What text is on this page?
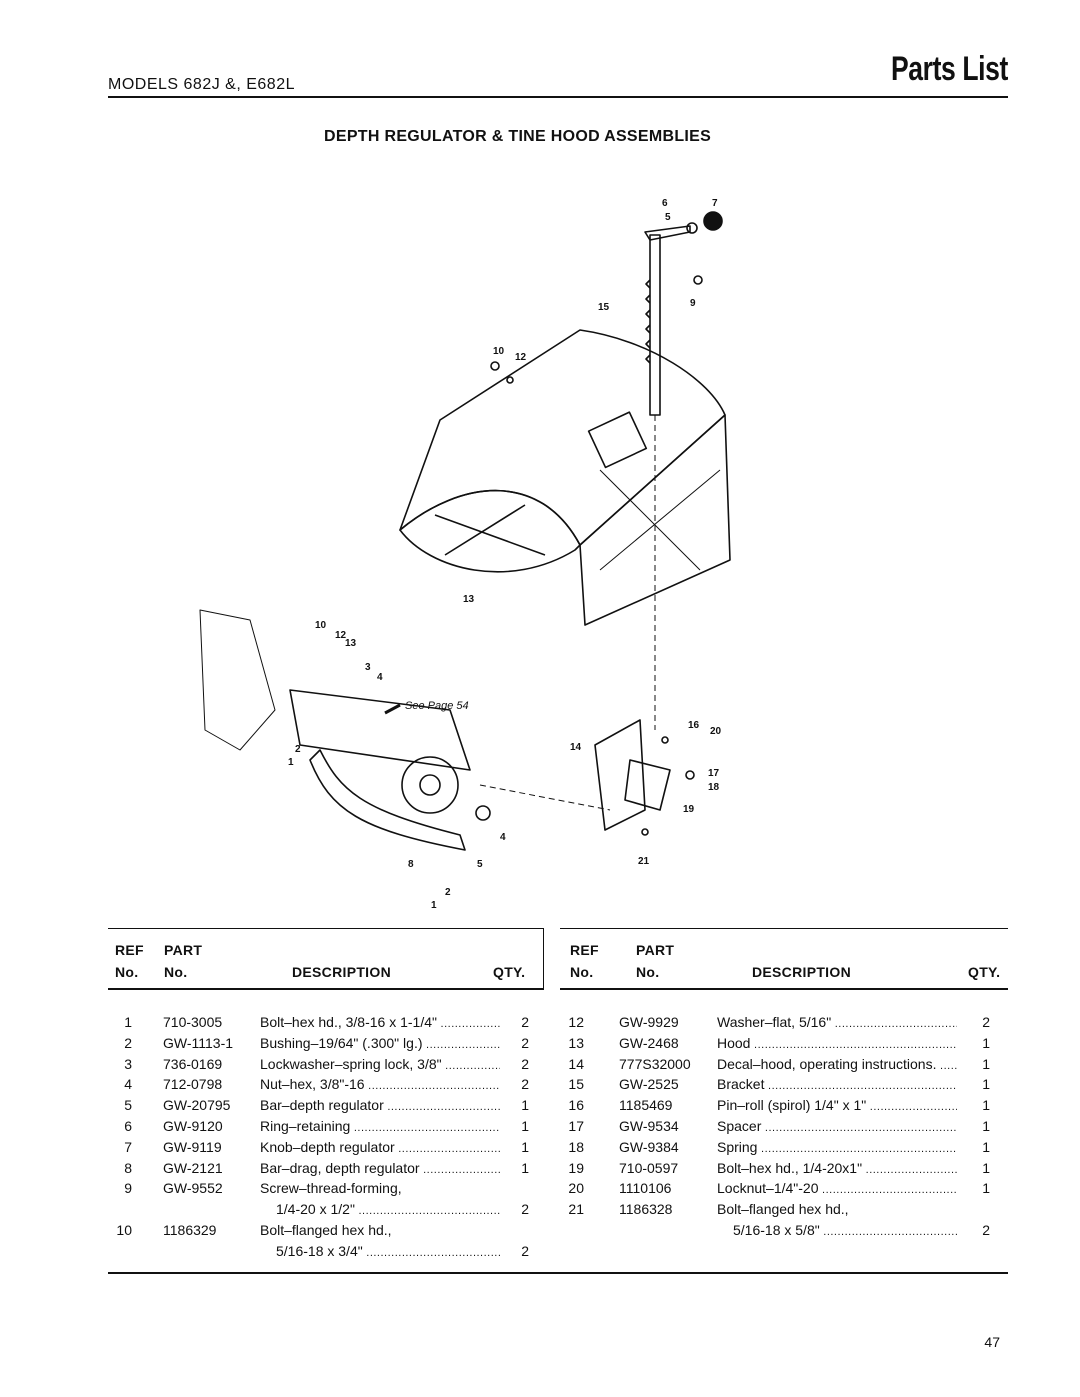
MODELS 682J &, E682L	Parts List
DEPTH REGULATOR & TINE HOOD ASSEMBLIES
6	7
5
15	9
10
12
13
10
12
13
3
4
2
1
16
20
14
17
18
19
4
8	5	21
2
1
See Page 54
REF
No.
PART
No.	DESCRIPTION	QTY.
REF
No.
PART
No.	DESCRIPTION	QTY.
1 710-3005	Bolt–hex hd., 3/8-16 x 1-1/4" .....	2
2 GW-1113-1 Bushing–19/64" (.300" lg.) .....	2
3 736-0169	Lockwasher–spring lock, 3/8" .....	2
4 712-0798	Nut–hex, 3/8"-16 .....	2
5 GW-20795 Bar–depth regulator .....	1
6 GW-9120	Ring–retaining .....	1
7 GW-9119	Knob–depth regulator .....	1
8 GW-2121	Bar–drag, depth regulator .....	1
9 GW-9552	Screw–thread-forming,
1/4-20 x 1/2" .....	2
10 1186329	Bolt–flanged hex hd.,
5/16-18 x 3/4" .....	2
12	GW-9929	Washer–flat, 5/16" .....	2
13	GW-2468	Hood .....	1
14	777S32000 Decal–hood, operating instructions. .....	1
15	GW-2525	Bracket .....	1
16	1185469	Pin–roll (spirol) 1/4" x 1" .....	1
17	GW-9534	Spacer .....	1
18	GW-9384	Spring .....	1
19	710-0597	Bolt–hex hd., 1/4-20x1" .....	1
20	1110106	Locknut–1/4"-20 .....	1
21	1186328	Bolt–flanged hex hd.,
5/16-18 x 5/8" .....	2
47
